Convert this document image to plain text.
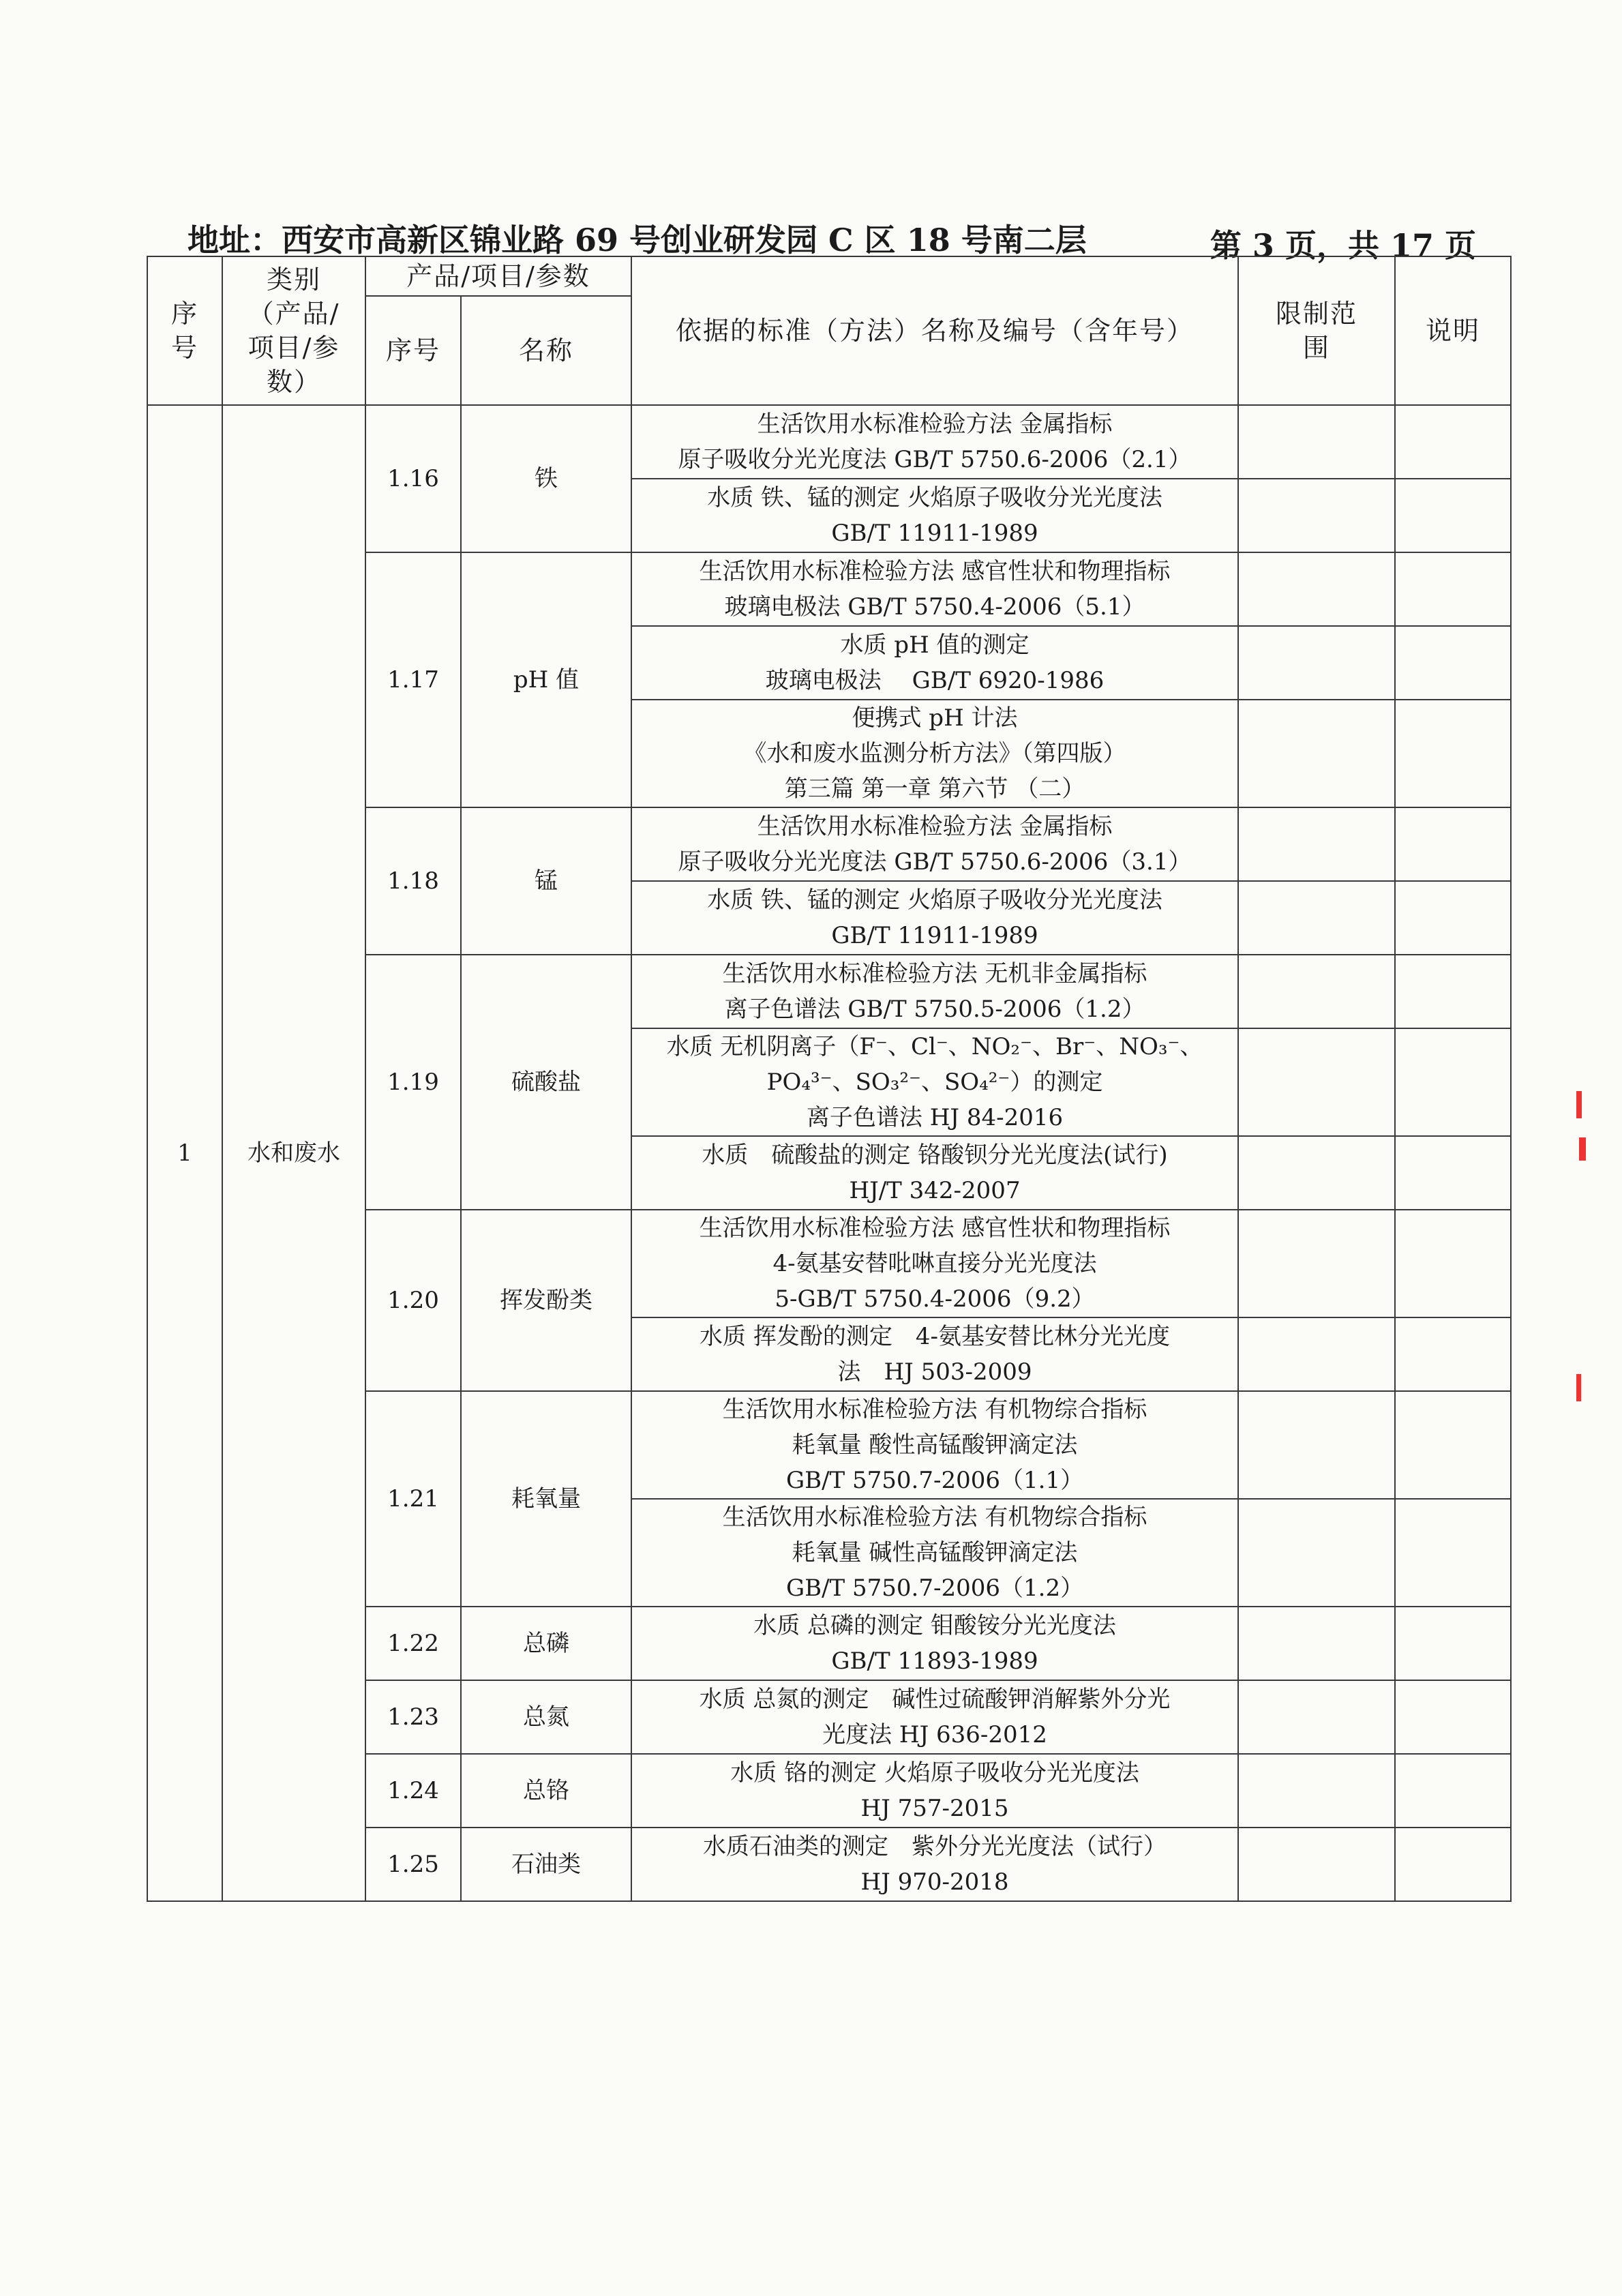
地址：西安市高新区锦业路 69 号创业研发园 C 区 18 号南二层	第 3 页，共 17 页
序
号	类别
（产品/
项目/参
数）	产品/项目/参数		依据的标准（方法）名称及编号（含年号）	限制范
围	说明
		序号	名称			
1	水和废水	1.16	铁	生活饮用水标准检验方法 金属指标
原子吸收分光光度法 GB/T 5750.6-2006（2.1）		
				水质 铁、锰的测定 火焰原子吸收分光光度法
GB/T 11911-1989		
		1.17	pH 值	生活饮用水标准检验方法 感官性状和物理指标
玻璃电极法 GB/T 5750.4-2006（5.1）		
				水质 pH 值的测定
玻璃电极法　 GB/T 6920-1986		
				便携式 pH 计法
《水和废水监测分析方法》（第四版）
第三篇 第一章 第六节 （二）		
		1.18	锰	生活饮用水标准检验方法 金属指标
原子吸收分光光度法 GB/T 5750.6-2006（3.1）		
				水质 铁、锰的测定 火焰原子吸收分光光度法
GB/T 11911-1989		
		1.19	硫酸盐	生活饮用水标准检验方法 无机非金属指标
离子色谱法 GB/T 5750.5-2006（1.2）		
				水质 无机阴离子（F⁻、Cl⁻、NO₂⁻、Br⁻、NO₃⁻、
PO₄³⁻、SO₃²⁻、SO₄²⁻）的测定
离子色谱法 HJ 84-2016		
				水质　硫酸盐的测定 铬酸钡分光光度法(试行)
HJ/T 342-2007		
		1.20	挥发酚类	生活饮用水标准检验方法 感官性状和物理指标
4-氨基安替吡啉直接分光光度法
5-GB/T 5750.4-2006（9.2）		
				水质 挥发酚的测定　4-氨基安替比林分光光度
法　HJ 503-2009		
		1.21	耗氧量	生活饮用水标准检验方法 有机物综合指标
耗氧量 酸性高锰酸钾滴定法
GB/T 5750.7-2006（1.1）		
				生活饮用水标准检验方法 有机物综合指标
耗氧量 碱性高锰酸钾滴定法
GB/T 5750.7-2006（1.2）		
		1.22	总磷	水质 总磷的测定 钼酸铵分光光度法
GB/T 11893-1989		
		1.23	总氮	水质 总氮的测定　碱性过硫酸钾消解紫外分光
光度法 HJ 636-2012		
		1.24	总铬	水质 铬的测定 火焰原子吸收分光光度法
HJ 757-2015		
		1.25	石油类	水质石油类的测定　紫外分光光度法（试行）
HJ 970-2018		
